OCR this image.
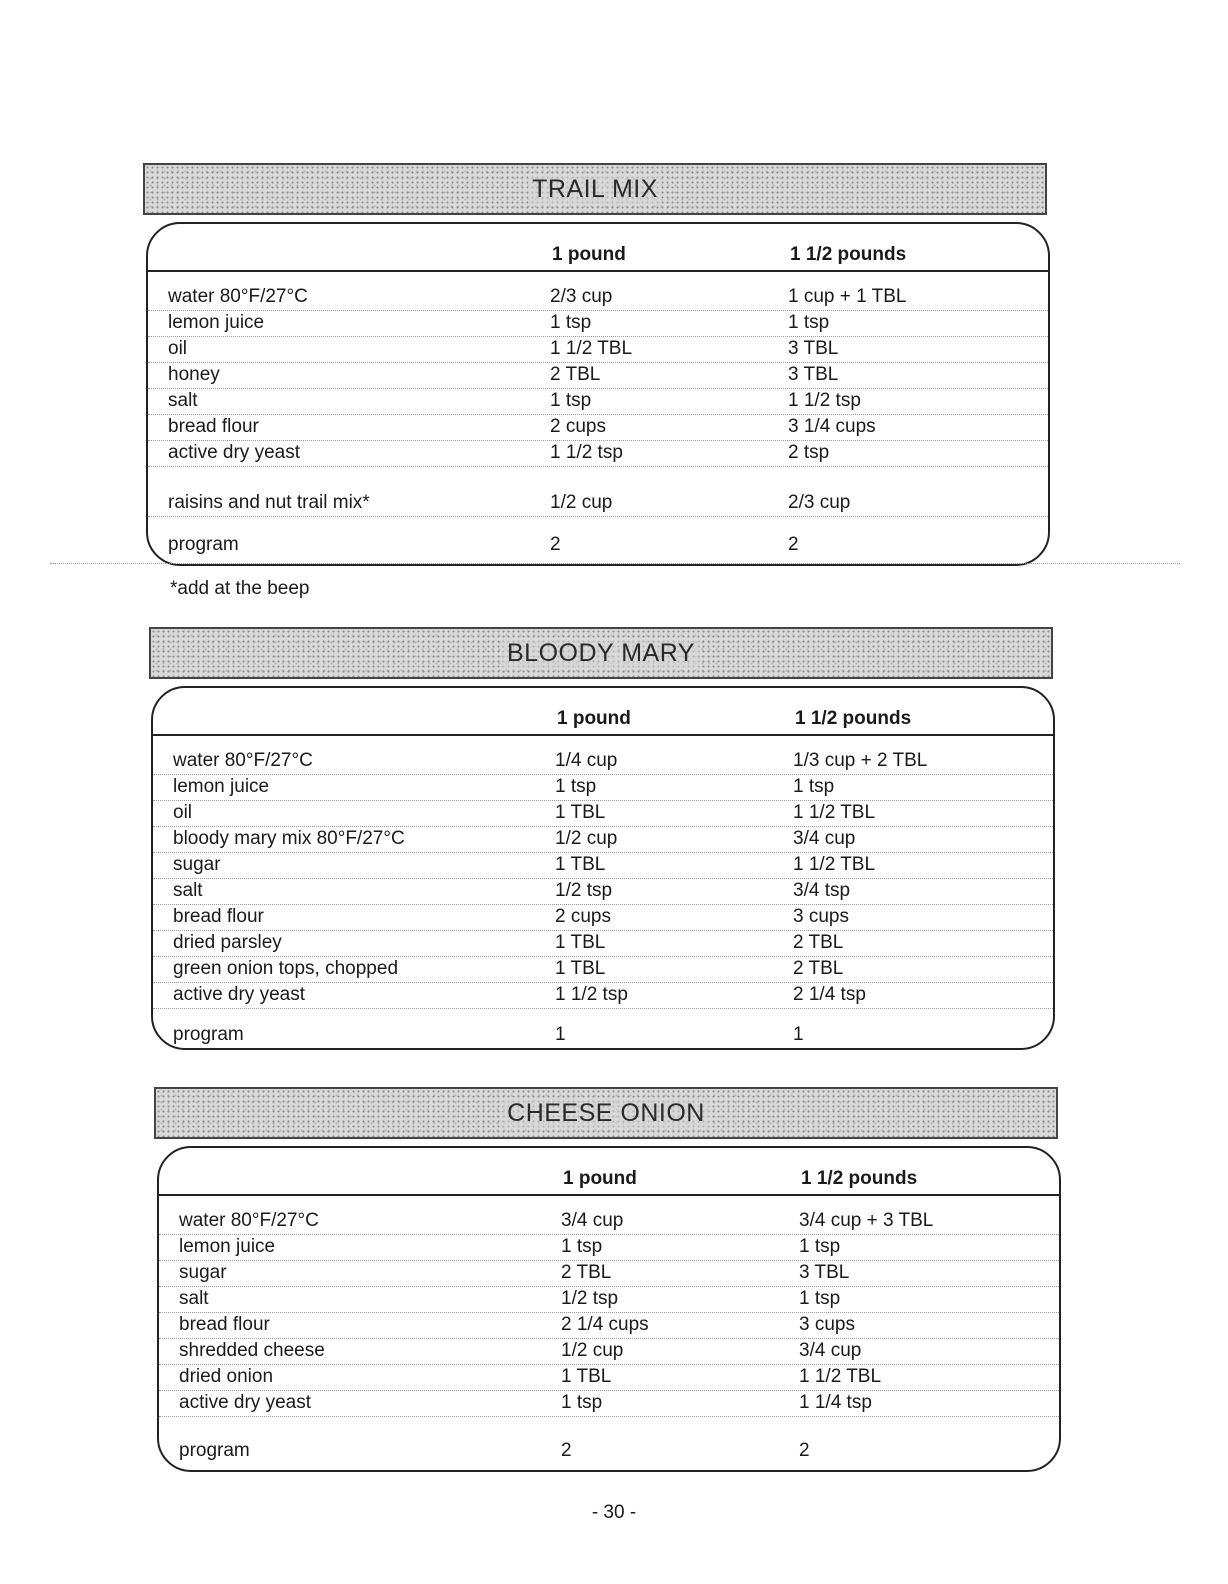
TRAIL MIX
1 pound	1 1/2 pounds
water 80°F/27°C	2/3 cup	1 cup + 1 TBL
lemon juice	1 tsp	1 tsp
oil	1 1/2 TBL	3 TBL
honey	2 TBL	3 TBL
salt	1 tsp	1 1/2 tsp
bread flour	2 cups	3 1/4 cups
active dry yeast	1 1/2 tsp	2 tsp
raisins and nut trail mix*	1/2 cup	2/3 cup
program	2	2
*add at the beep
BLOODY MARY
1 pound	1 1/2 pounds
water 80°F/27°C	1/4 cup	1/3 cup + 2 TBL
lemon juice	1 tsp	1 tsp
oil	1 TBL	1 1/2 TBL
bloody mary mix 80°F/27°C	1/2 cup	3/4 cup
sugar	1 TBL	1 1/2 TBL
salt	1/2 tsp	3/4 tsp
bread flour	2 cups	3 cups
dried parsley	1 TBL	2 TBL
green onion tops, chopped	1 TBL	2 TBL
active dry yeast	1 1/2 tsp	2 1/4 tsp
program	1	1
CHEESE ONION
1 pound	1 1/2 pounds
water 80°F/27°C	3/4 cup	3/4 cup + 3 TBL
lemon juice	1 tsp	1 tsp
sugar	2 TBL	3 TBL
salt	1/2 tsp	1 tsp
bread flour	2 1/4 cups	3 cups
shredded cheese	1/2 cup	3/4 cup
dried onion	1 TBL	1 1/2 TBL
active dry yeast	1 tsp	1 1/4 tsp
program	2	2
- 30 -
